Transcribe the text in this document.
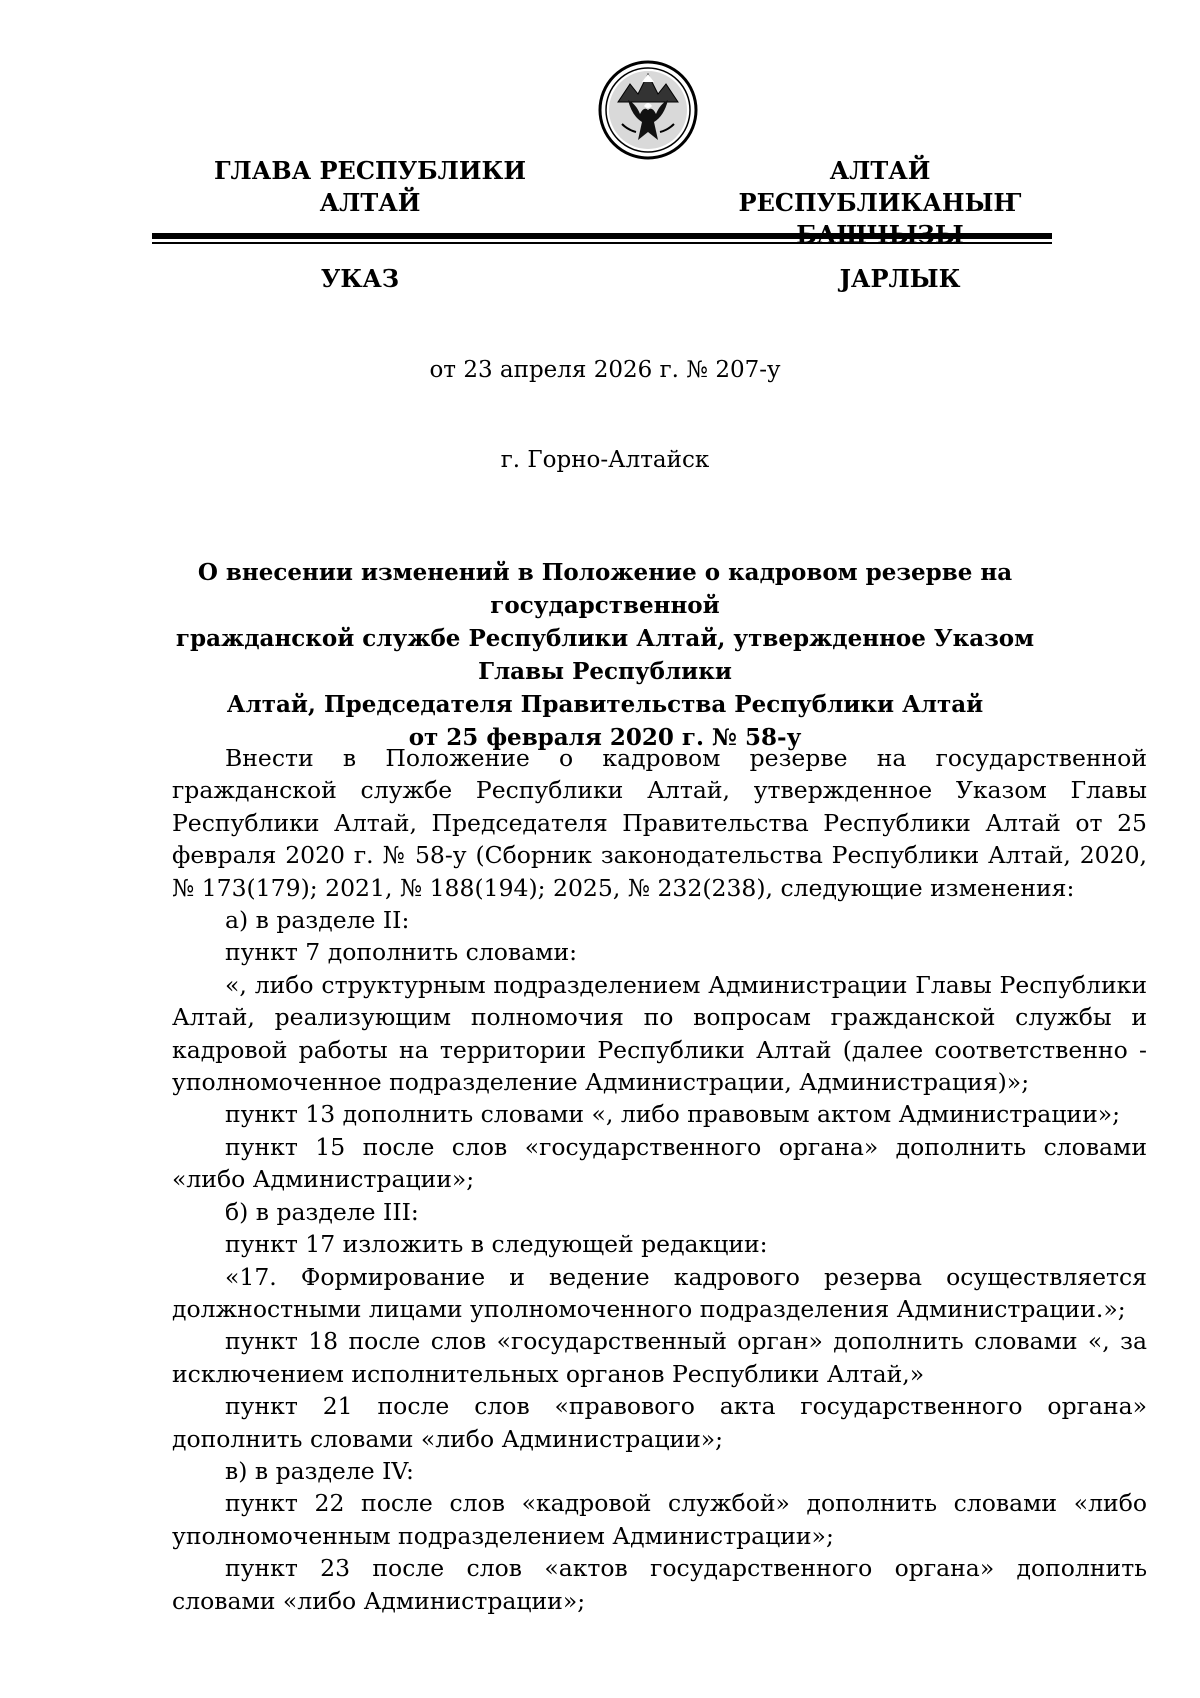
ГЛАВА РЕСПУБЛИКИ АЛТАЙ
АЛТАЙ РЕСПУБЛИКАНЫҤ
УКАЗ	ЈАРЛЫК
от 23 апреля 2026 г. № 207-у
г. Горно-Алтайск
О внесении изменений в Положение о кадровом резерве на государственной
гражданской службе Республики Алтай, утвержденное Указом Главы Республики
Алтай, Председателя Правительства Республики Алтай
от 25 февраля 2020 г. № 58-у

Внести в Положение о кадровом резерве на государственной гражданской службе Республики Алтай, утвержденное Указом Главы Республики Алтай, Председателя Правительства Республики Алтай от 25 февраля 2020 г. № 58-у (Сборник законодательства Республики Алтай, 2020, № 173(179); 2021, № 188(194); 2025, № 232(238), следующие изменения:

а) в разделе II:

пункт 7 дополнить словами:

«, либо структурным подразделением Администрации Главы Республики Алтай, реализующим полномочия по вопросам гражданской службы и кадровой работы на территории Республики Алтай (далее соответственно - уполномоченное подразделение Администрации, Администрация)»;

пункт 13 дополнить словами «, либо правовым актом Администрации»;

пункт 15 после слов «государственного органа» дополнить словами «либо Администрации»;

б) в разделе III:

пункт 17 изложить в следующей редакции:

«17. Формирование и ведение кадрового резерва осуществляется должностными лицами уполномоченного подразделения Администрации.»;

пункт 18 после слов «государственный орган» дополнить словами «, за исключением исполнительных органов Республики Алтай,»

пункт 21 после слов «правового акта государственного органа» дополнить словами «либо Администрации»;

в) в разделе IV:

пункт 22 после слов «кадровой службой» дополнить словами «либо уполномоченным подразделением Администрации»;

пункт 23 после слов «актов государственного органа» дополнить словами «либо Администрации»;
